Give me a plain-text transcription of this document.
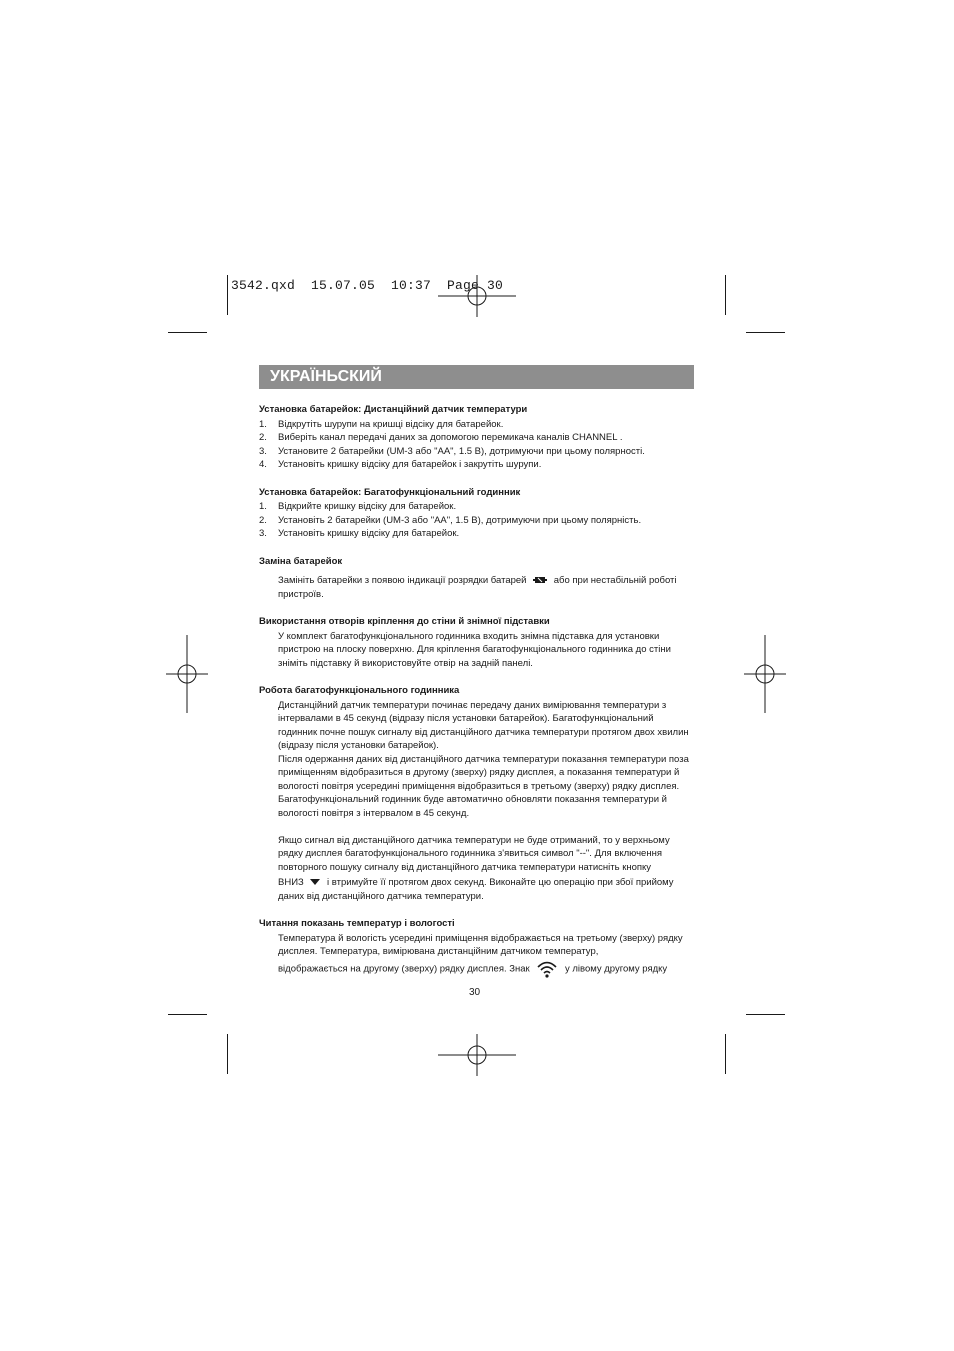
3542.qxd  15.07.05  10:37  Page 30
УКРАЇНЬСКИЙ
Установка батарейок: Дистанційний датчик температури
1. Відкрутіть шурупи на кришці відсіку для батарейок.
2. Виберіть канал передачі даних за допомогою перемикача каналів CHANNEL .
3. Установите 2 батарейки (UM-3 або "AA", 1.5 В), дотримуючи при цьому полярності.
4. Установіть кришку відсіку для батарейок і закрутіть шурупи.
Установка батарейок: Багатофункціональний годинник
1. Відкрийте кришку відсіку для батарейок.
2. Установіть 2 батарейки (UM-3 або "AA", 1.5 В), дотримуючи при цьому полярність.
3. Установіть кришку відсіку для батарейок.
Заміна батарейок

Замініть батарейки з появою індикації розрядки батарей	або при нестабільній роботі пристроїв.

Використання отворів кріплення до стіни й знімної підставки

У комплект багатофункціонального годинника входить знімна підставка для установки пристрою на плоску поверхню. Для кріплення багатофункціонального годинника до стіни зніміть підставку й використовуйте отвір на задній панелі.

Робота багатофункціонального годинника

Дистанційний датчик температури починає передачу даних вимірювання температури з інтервалами в 45 секунд (відразу після установки батарейок). Багатофункціональний годинник почне пошук сигналу від дистанційного датчика температури протягом двох хвилин (відразу після установки батарейок).

Після одержання даних від дистанційного датчика температури показання температури поза приміщенням відобразиться в другому (зверху) рядку дисплея, а показання температури й вологості повітря усередині приміщення відобразиться в третьому (зверху) рядку дисплея. Багатофункціональний годинник буде автоматично обновляти показання температури й вологості повітря з інтервалом в 45 секунд.

Якщо сигнал від дистанційного датчика температури не буде отриманий, то у верхньому рядку дисплея багатофункціонального годинника з'явиться символ "--". Для включення повторного пошуку сигналу від дистанційного датчика температури натисніть кнопку

ВНИЗ і втримуйте її протягом двох секунд. Виконайте цю операцію при збої прийому даних від дистанційного датчика температури.

Читання показань температур і вологості

Температура й вологість усередині приміщення відображається на третьому (зверху) рядку дисплея. Температура, вимірювана дистанційним датчиком температур,

відображається на другому (зверху) рядку дисплея. Знак	у лівому другому рядку

30
